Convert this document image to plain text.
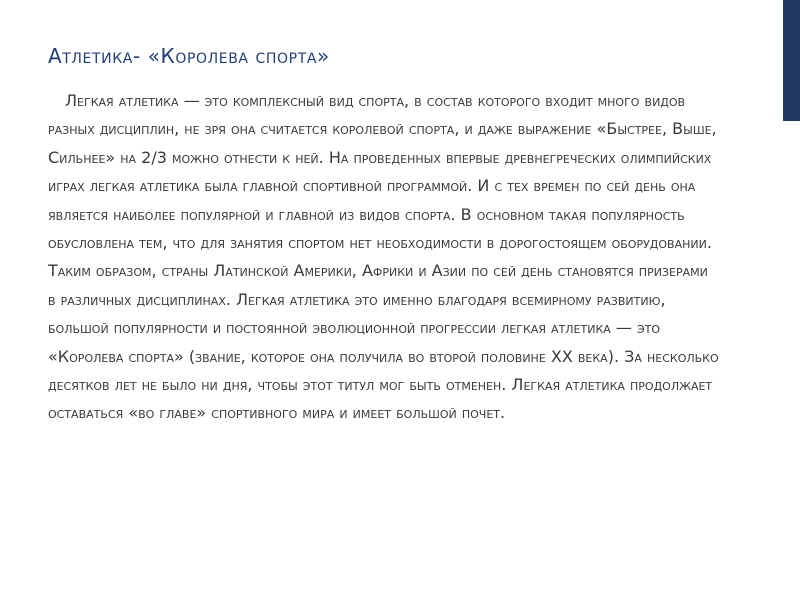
Атлетика- «Королева спорта»

Легкая атлетика — это комплексный вид спорта, в состав которого входит много видов разных дисциплин, не зря она считается королевой спорта, и даже выражение «Быстрее, Выше, Сильнее» на 2/3 можно отнести к ней. На проведенных впервые древнегреческих олимпийских играх легкая атлетика была главной спортивной программой. И с тех времен по сей день она является наиболее популярной и главной из видов спорта. В основном такая популярность обусловлена тем, что для занятия спортом нет необходимости в дорогостоящем оборудовании. Таким образом, страны Латинской Америки, Африки и Азии по сей день становятся призерами в различных дисциплинах. Легкая атлетика это именно благодаря всемирному развитию, большой популярности и постоянной эволюционной прогрессии легкая атлетика — это «Королева спорта» (звание, которое она получила во второй половине XX века). За несколько десятков лет не было ни дня, чтобы этот титул мог быть отменен. Легкая атлетика продолжает оставаться «во главе» спортивного мира и имеет большой почет.
